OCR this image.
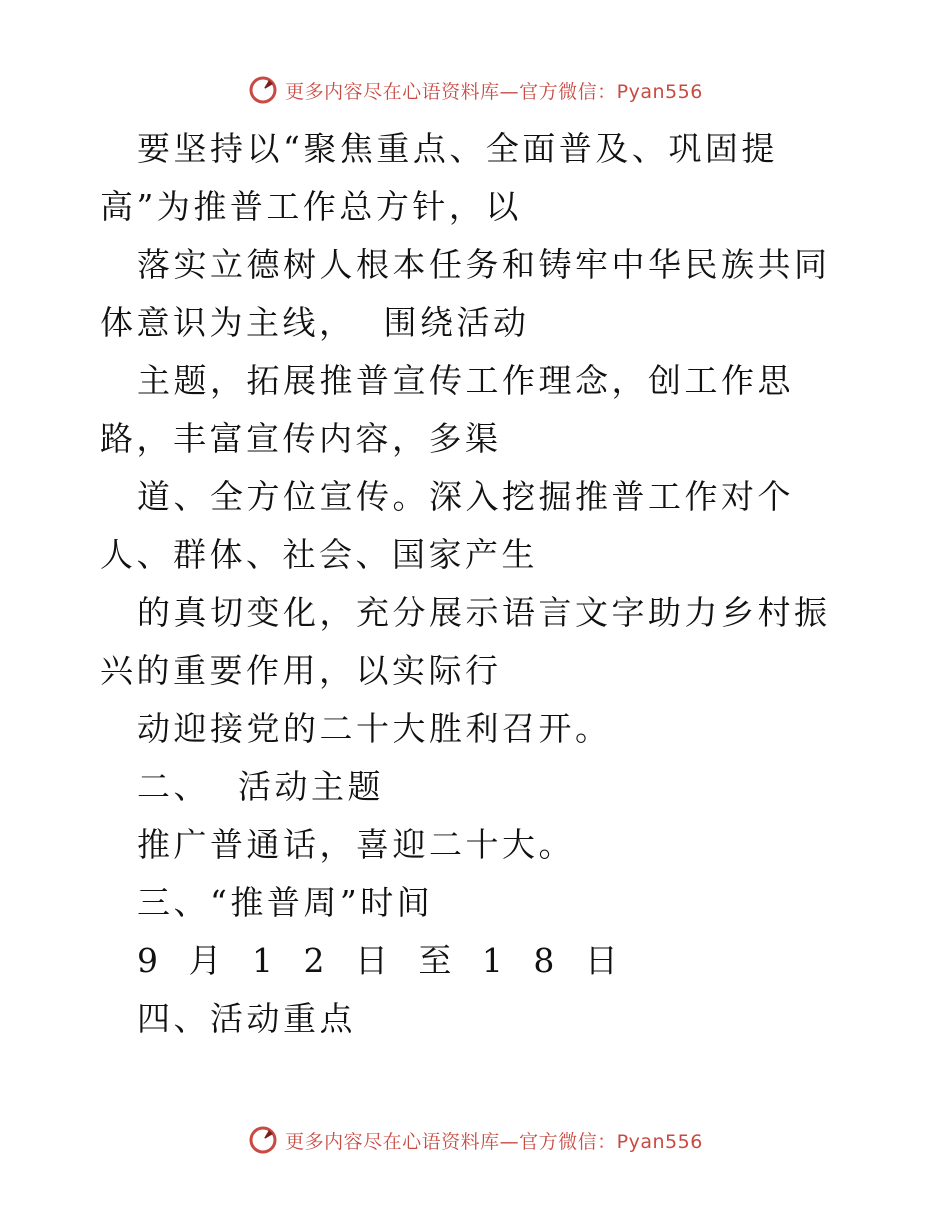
更多内容尽在心语资料库—官方微信：Pyan556

要坚持以“聚焦重点、全面普及、巩固提高”为推普工作总方针，以

落实立德树人根本任务和铸牢中华民族共同体意识为主线，  围绕活动

主题，拓展推普宣传工作理念，创工作思路，丰富宣传内容，多渠

道、全方位宣传。深入挖掘推普工作对个人、群体、社会、国家产生

的真切变化，充分展示语言文字助力乡村振兴的重要作用，以实际行

动迎接党的二十大胜利召开。

二、  活动主题

推广普通话，喜迎二十大。

三、“推普周”时间

9 月 1 2 日 至 1 8 日

四、活动重点

更多内容尽在心语资料库—官方微信：Pyan556
